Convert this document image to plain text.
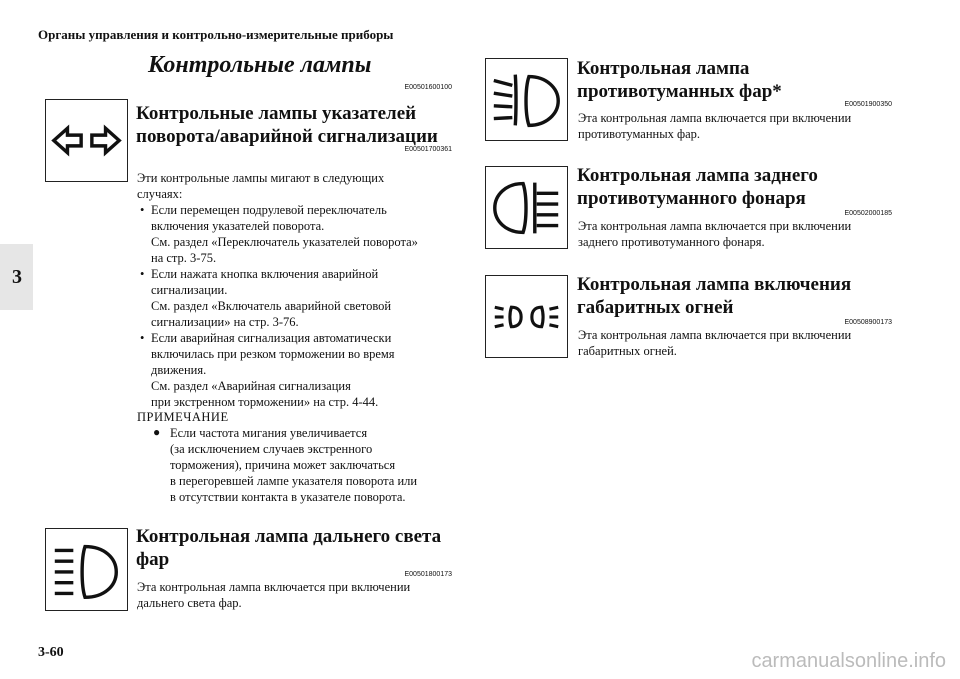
Органы управления и контрольно-измерительные приборы
3
Контрольные лампы
E00501600100
Контрольные лампы указателей
поворота/аварийной сигнализации
E00501700361
Эти контрольные лампы мигают в следующих случаях:
• Если перемещен подрулевой переключатель
включения указателей поворота.
См. раздел «Переключатель указателей поворота»
на стр. 3-75.
• Если нажата кнопка включения аварийной
сигнализации.
См. раздел «Включатель аварийной световой
сигнализации» на стр. 3-76.
• Если аварийная сигнализация автоматически
включилась при резком торможении во время
движения.
См. раздел «Аварийная сигнализация
при экстренном торможении» на стр. 4-44.
ПРИМЕЧАНИЕ
● Если частота мигания увеличивается
(за исключением случаев экстренного
торможения), причина может заключаться
в перегоревшей лампе указателя поворота или
в отсутствии контакта в указателе поворота.
Контрольная лампа дальнего света
фар
E00501800173
Эта контрольная лампа включается при включении
дальнего света фар.
Контрольная лампа
противотуманных фар*
E00501900350
Эта контрольная лампа включается при включении
противотуманных фар.
Контрольная лампа заднего
противотуманного фонаря
E00502000185
Эта контрольная лампа включается при включении
заднего противотуманного фонаря.
Контрольная лампа включения
габаритных огней
E00508900173
Эта контрольная лампа включается при включении
габаритных огней.
3-60	carmanualsonline.info
